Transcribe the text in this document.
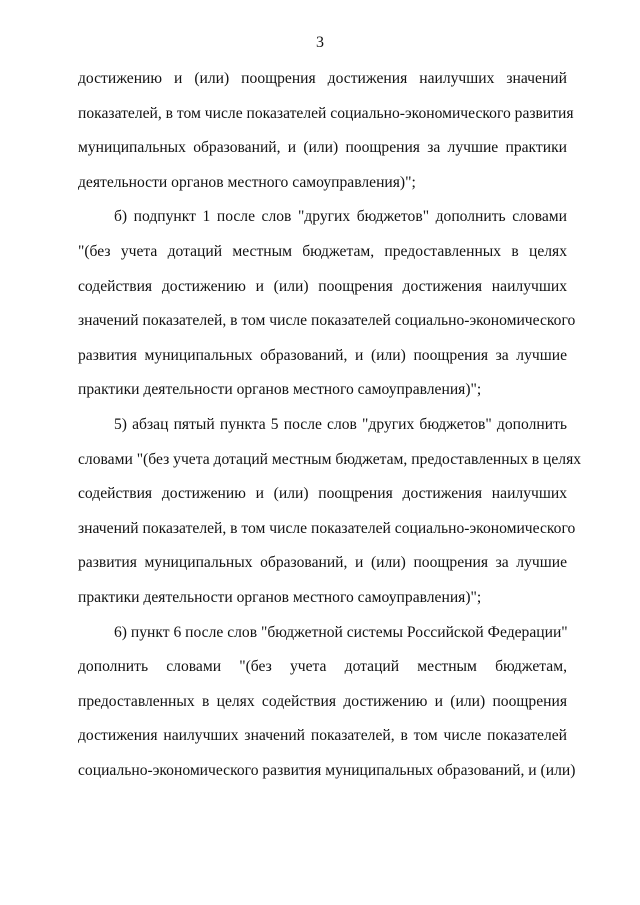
3
достижению и (или) поощрения достижения наилучших значений
показателей, в том числе показателей социально-экономического развития
муниципальных образований, и (или) поощрения за лучшие практики
деятельности органов местного самоуправления)";
б) подпункт 1 после слов "других бюджетов" дополнить словами
"(без учета дотаций местным бюджетам, предоставленных в целях
содействия достижению и (или) поощрения достижения наилучших
значений показателей, в том числе показателей социально-экономического
развития муниципальных образований, и (или) поощрения за лучшие
практики деятельности органов местного самоуправления)";
5) абзац пятый пункта 5 после слов "других бюджетов" дополнить
словами "(без учета дотаций местным бюджетам, предоставленных в целях
содействия достижению и (или) поощрения достижения наилучших
значений показателей, в том числе показателей социально-экономического
развития муниципальных образований, и (или) поощрения за лучшие
практики деятельности органов местного самоуправления)";
6) пункт 6 после слов "бюджетной системы Российской Федерации"
дополнить словами "(без учета дотаций местным бюджетам,
предоставленных в целях содействия достижению и (или) поощрения
достижения наилучших значений показателей, в том числе показателей
социально-экономического развития муниципальных образований, и (или)
